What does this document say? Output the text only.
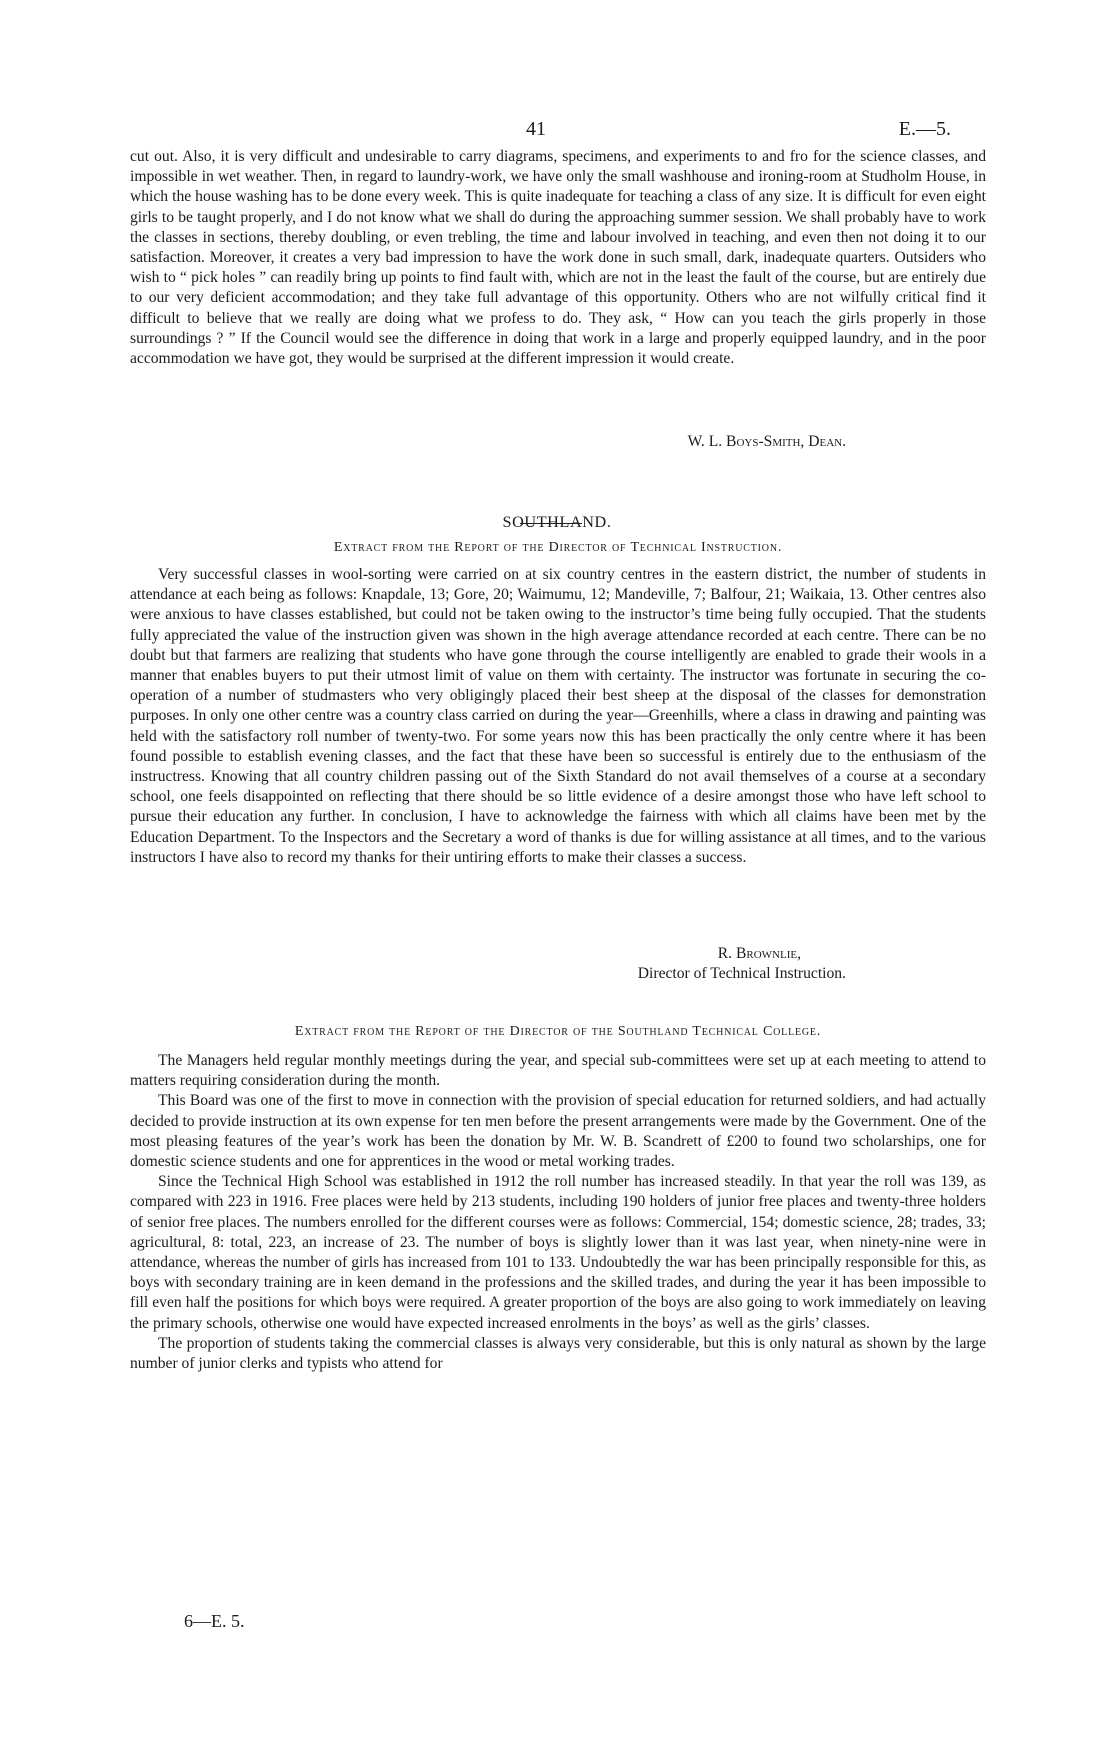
41	E.—5.

cut out. Also, it is very difficult and undesirable to carry diagrams, specimens, and experiments to and fro for the science classes, and impossible in wet weather. Then, in regard to laundry-work, we have only the small washhouse and ironing-room at Studholm House, in which the house washing has to be done every week. This is quite inadequate for teaching a class of any size. It is difficult for even eight girls to be taught properly, and I do not know what we shall do during the approaching summer session. We shall probably have to work the classes in sections, thereby doubling, or even trebling, the time and labour involved in teaching, and even then not doing it to our satisfaction. Moreover, it creates a very bad impression to have the work done in such small, dark, inadequate quarters. Outsiders who wish to “ pick holes ” can readily bring up points to find fault with, which are not in the least the fault of the course, but are entirely due to our very deficient accommodation; and they take full advantage of this opportunity. Others who are not wilfully critical find it difficult to believe that we really are doing what we profess to do. They ask, “ How can you teach the girls properly in those surroundings ? ” If the Council would see the difference in doing that work in a large and properly equipped laundry, and in the poor accommodation we have got, they would be surprised at the different impression it would create.

W. L. Boys-Smith, Dean.
SOUTHLAND.
Extract from the Report of the Director of Technical Instruction.

Very successful classes in wool-sorting were carried on at six country centres in the eastern district, the number of students in attendance at each being as follows: Knapdale, 13; Gore, 20; Waimumu, 12; Mandeville, 7; Balfour, 21; Waikaia, 13. Other centres also were anxious to have classes established, but could not be taken owing to the instructor’s time being fully occupied. That the students fully appreciated the value of the instruction given was shown in the high average attendance recorded at each centre. There can be no doubt but that farmers are realizing that students who have gone through the course intelligently are enabled to grade their wools in a manner that enables buyers to put their utmost limit of value on them with certainty. The instructor was fortunate in securing the co-operation of a number of studmasters who very obligingly placed their best sheep at the disposal of the classes for demonstration purposes. In only one other centre was a country class carried on during the year—Greenhills, where a class in drawing and painting was held with the satisfactory roll number of twenty-two. For some years now this has been practically the only centre where it has been found possible to establish evening classes, and the fact that these have been so successful is entirely due to the enthusiasm of the instructress. Knowing that all country children passing out of the Sixth Standard do not avail themselves of a course at a secondary school, one feels disappointed on reflecting that there should be so little evidence of a desire amongst those who have left school to pursue their education any further. In conclusion, I have to acknowledge the fairness with which all claims have been met by the Education Department. To the Inspectors and the Secretary a word of thanks is due for willing assistance at all times, and to the various instructors I have also to record my thanks for their untiring efforts to make their classes a success.

R. Brownlie,
Director of Technical Instruction.
Extract from the Report of the Director of the Southland Technical College.

The Managers held regular monthly meetings during the year, and special sub-committees were set up at each meeting to attend to matters requiring consideration during the month.

This Board was one of the first to move in connection with the provision of special education for returned soldiers, and had actually decided to provide instruction at its own expense for ten men before the present arrangements were made by the Government. One of the most pleasing features of the year’s work has been the donation by Mr. W. B. Scandrett of £200 to found two scholarships, one for domestic science students and one for apprentices in the wood or metal working trades.

Since the Technical High School was established in 1912 the roll number has increased steadily. In that year the roll was 139, as compared with 223 in 1916. Free places were held by 213 students, including 190 holders of junior free places and twenty-three holders of senior free places. The numbers enrolled for the different courses were as follows: Commercial, 154; domestic science, 28; trades, 33; agricultural, 8: total, 223, an increase of 23. The number of boys is slightly lower than it was last year, when ninety-nine were in attendance, whereas the number of girls has increased from 101 to 133. Undoubtedly the war has been principally responsible for this, as boys with secondary training are in keen demand in the professions and the skilled trades, and during the year it has been impossible to fill even half the positions for which boys were required. A greater proportion of the boys are also going to work immediately on leaving the primary schools, otherwise one would have expected increased enrolments in the boys’ as well as the girls’ classes.

The proportion of students taking the commercial classes is always very considerable, but this is only natural as shown by the large number of junior clerks and typists who attend for

6—E. 5.
